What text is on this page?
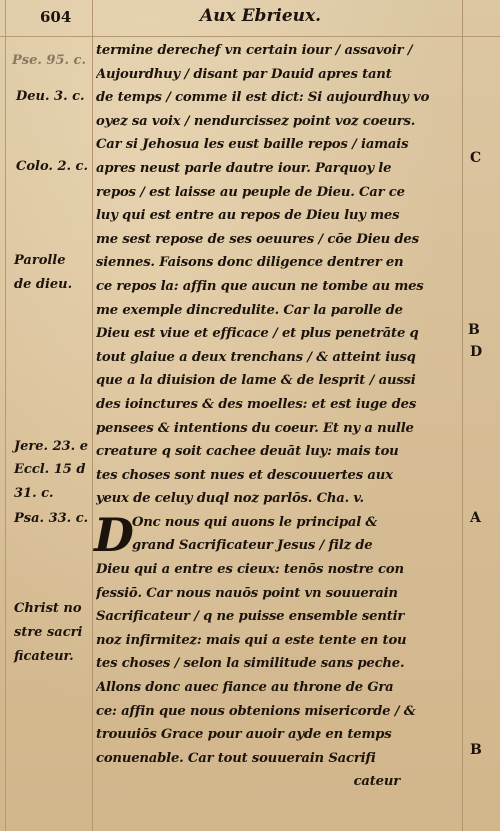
604	Aux Ebrieux.
Pse. 95. c.
Deu. 3. c.
Colo. 2. c.
Parolle
de dieu.
Jere. 23. e
Eccl. 15 d
31. c.
Psa. 33. c.
Christ no
stre sacri
ficateur.
C
B
D
A
B
termine derechef vn certain iour / assavoir /
Aujourdhuy / disant par Dauid apres tant
de temps / comme il est dict: Si aujourdhuy vo
oyez sa voix / nendurcissez point voz coeurs.
Car si Jehosua les eust baille repos / iamais
apres neust parle dautre iour. Parquoy le
repos / est laisse au peuple de Dieu. Car ce
luy qui est entre au repos de Dieu luy mes
me sest repose de ses oeuures / cōe Dieu des
siennes. Faisons donc diligence dentrer en
ce repos la: affin que aucun ne tombe au mes
me exemple dincredulite. Car la parolle de
Dieu est viue et efficace / et plus penetrāte q
tout glaiue a deux trenchans / & atteint iusq
que a la diuision de lame & de lesprit / aussi
des ioinctures & des moelles: et est iuge des
pensees & intentions du coeur. Et ny a nulle
creature q soit cachee deuāt luy: mais tou
tes choses sont nues et descouuertes aux
yeux de celuy duql noz parlōs. Cha. v.
D
Onc nous qui auons le principal &
grand Sacrificateur Jesus / filz de
Dieu qui a entre es cieux: tenōs nostre con
fessiō. Car nous nauōs point vn souuerain
Sacrificateur / q ne puisse ensemble sentir
noz infirmitez: mais qui a este tente en tou
tes choses / selon la similitude sans peche.
Allons donc auec fiance au throne de Gra
ce: affin que nous obtenions misericorde / &
trouuiōs Grace pour auoir ayde en temps
conuenable. Car tout souuerain Sacrifi
cateur
